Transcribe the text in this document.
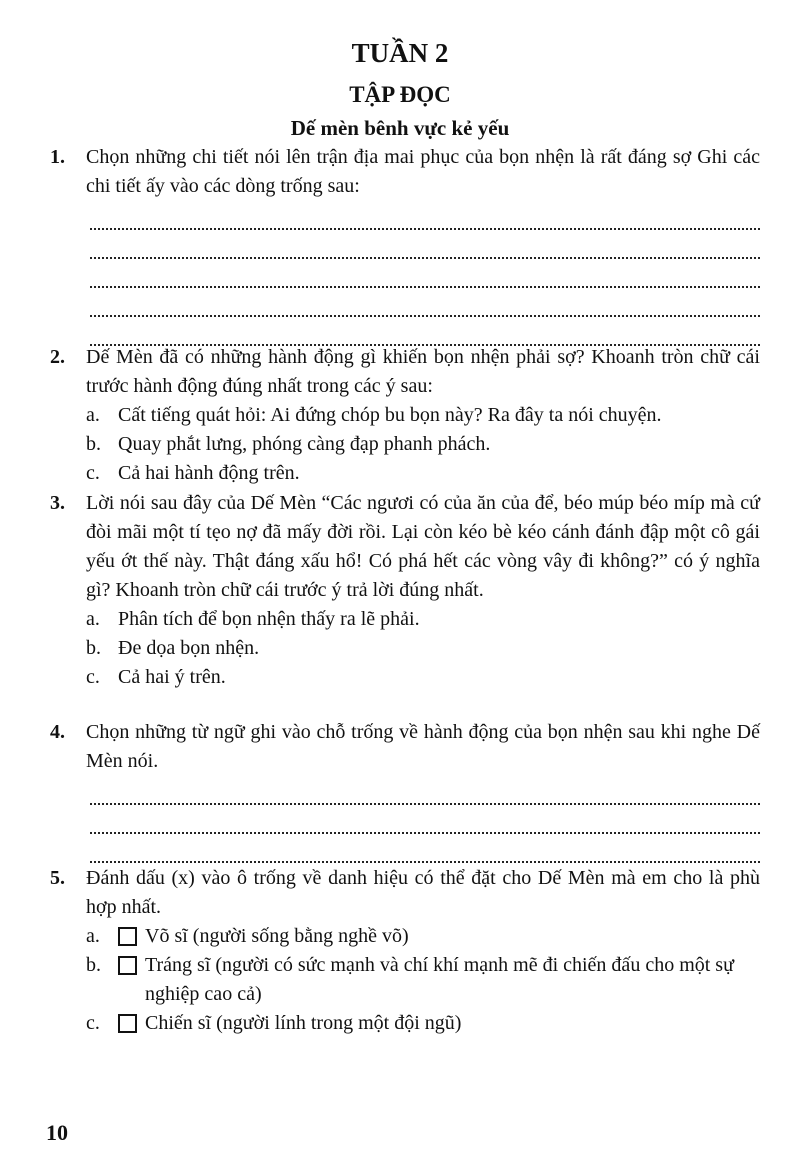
TUẦN 2
TẬP ĐỌC
Dế mèn bênh vực kẻ yếu
1. Chọn những chi tiết nói lên trận địa mai phục của bọn nhện là rất đáng sợ Ghi các chi tiết ấy vào các dòng trống sau:
2. Dế Mèn đã có những hành động gì khiến bọn nhện phải sợ? Khoanh tròn chữ cái trước hành động đúng nhất trong các ý sau:
a. Cất tiếng quát hỏi: Ai đứng chóp bu bọn này? Ra đây ta nói chuyện.
b. Quay phắt lưng, phóng càng đạp phanh phách.
c. Cả hai hành động trên.
3. Lời nói sau đây của Dế Mèn “Các ngươi có của ăn của để, béo múp béo míp mà cứ đòi mãi một tí tẹo nợ đã mấy đời rồi. Lại còn kéo bè kéo cánh đánh đập một cô gái yếu ớt thế này. Thật đáng xấu hổ! Có phá hết các vòng vây đi không?” có ý nghĩa gì? Khoanh tròn chữ cái trước ý trả lời đúng nhất.
a. Phân tích để bọn nhện thấy ra lẽ phải.
b. Đe dọa bọn nhện.
c. Cả hai ý trên.
4. Chọn những từ ngữ ghi vào chỗ trống về hành động của bọn nhện sau khi nghe Dế Mèn nói.
5. Đánh dấu (x) vào ô trống về danh hiệu có thể đặt cho Dế Mèn mà em cho là phù hợp nhất.
a. Võ sĩ (người sống bằng nghề võ)
b. Tráng sĩ (người có sức mạnh và chí khí mạnh mẽ đi chiến đấu cho một sự nghiệp cao cả)
c. Chiến sĩ (người lính trong một đội ngũ)
10
